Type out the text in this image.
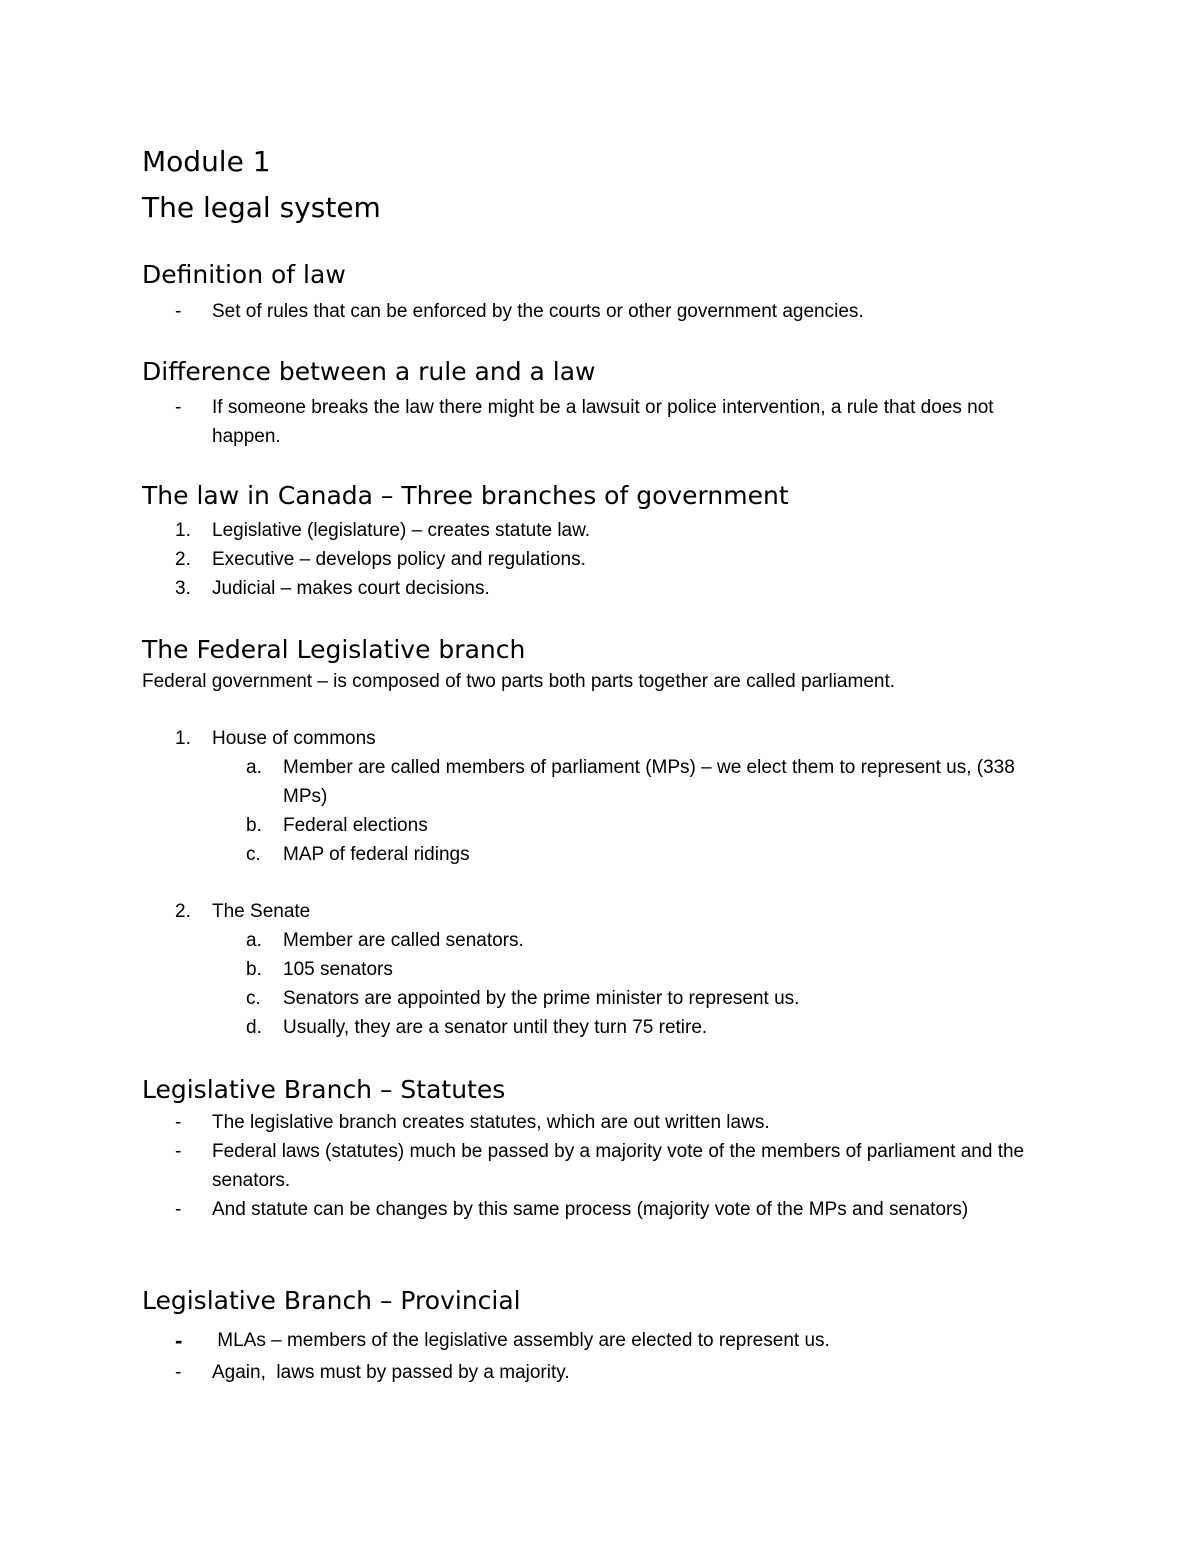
Module 1
The legal system
Definition of law
- Set of rules that can be enforced by the courts or other government agencies.
Difference between a rule and a law
- If someone breaks the law there might be a lawsuit or police intervention, a rule that does not happen.
The law in Canada – Three branches of government
1. Legislative (legislature) – creates statute law.
2. Executive – develops policy and regulations.
3. Judicial – makes court decisions.
The Federal Legislative branch
Federal government – is composed of two parts both parts together are called parliament.
1. House of commons
a. Member are called members of parliament (MPs) – we elect them to represent us, (338 MPs)
b. Federal elections
c. MAP of federal ridings
2. The Senate
a. Member are called senators.
b. 105 senators
c. Senators are appointed by the prime minister to represent us.
d. Usually, they are a senator until they turn 75 retire.
Legislative Branch – Statutes
- The legislative branch creates statutes, which are out written laws.
- Federal laws (statutes) much be passed by a majority vote of the members of parliament and the senators.
- And statute can be changes by this same process (majority vote of the MPs and senators)
Legislative Branch – Provincial
- MLAs – members of the legislative assembly are elected to represent us.
- Again,  laws must by passed by a majority.
